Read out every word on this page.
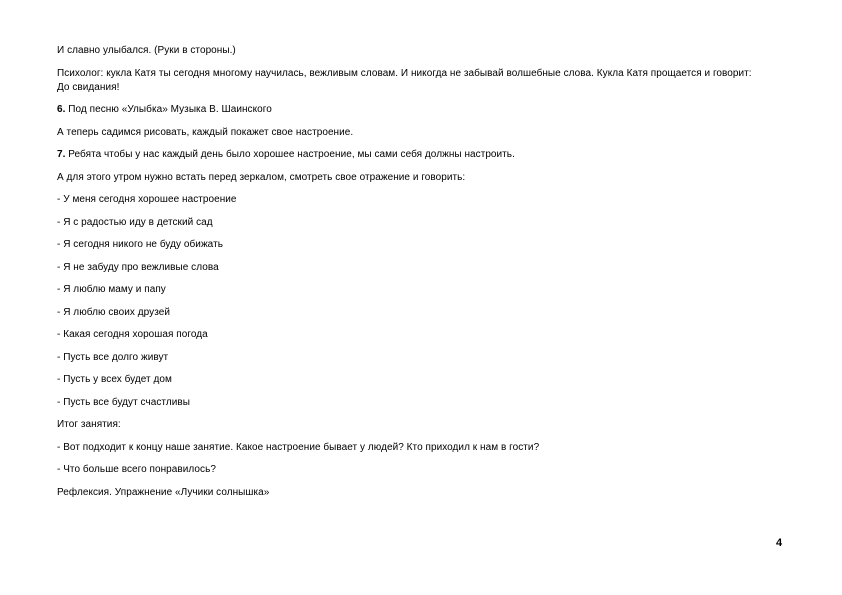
И славно улыбался. (Руки в стороны.)

Психолог: кукла Катя ты сегодня многому научилась, вежливым словам. И никогда не забывай волшебные слова. Кукла Катя прощается и говорит: До свидания!

6. Под песню «Улыбка» Музыка В. Шаинского

А теперь садимся рисовать, каждый покажет свое настроение.

7. Ребята чтобы у нас каждый день было хорошее настроение, мы сами себя должны настроить.

А для этого утром нужно встать перед зеркалом, смотреть свое отражение и говорить:

- У меня сегодня хорошее настроение

- Я с радостью иду в детский сад

- Я сегодня никого не буду обижать

- Я не забуду про вежливые слова

- Я люблю маму и папу

- Я люблю своих друзей

- Какая сегодня хорошая погода

- Пусть все долго живут

- Пусть у всех будет дом

- Пусть все будут счастливы

Итог занятия:

- Вот подходит к концу наше занятие. Какое настроение бывает у людей? Кто приходил к нам в гости?

- Что больше всего понравилось?

Рефлексия. Упражнение «Лучики солнышка»

4
